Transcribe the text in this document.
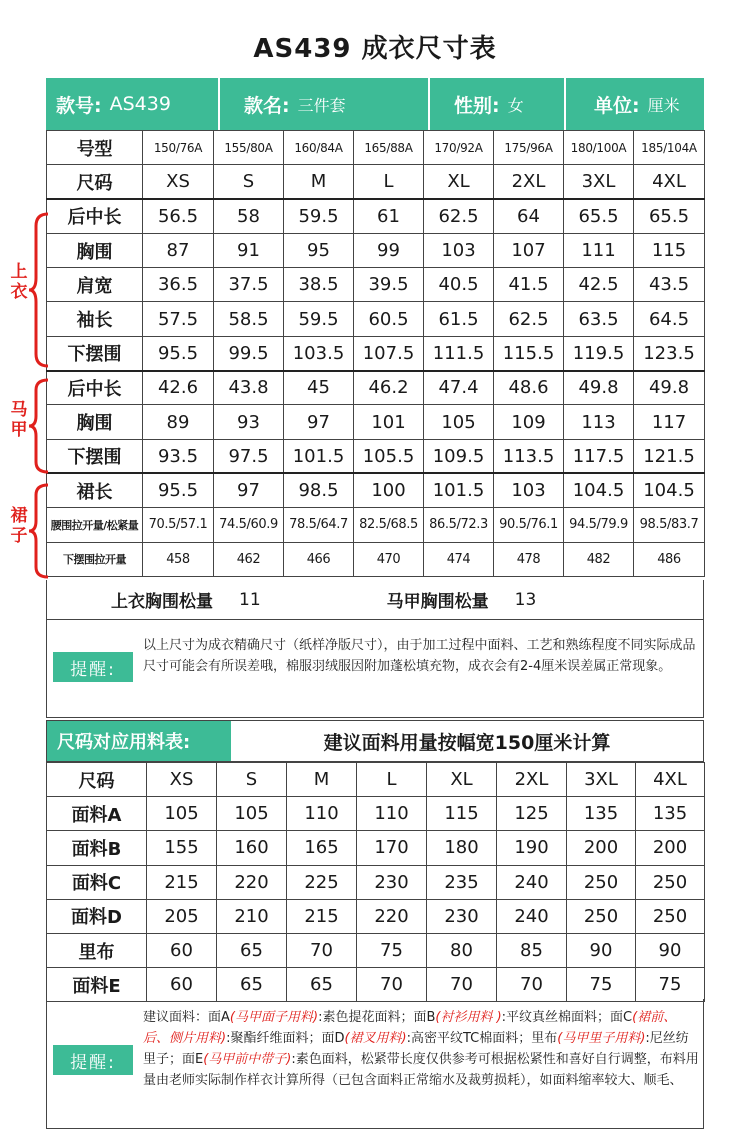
AS439 成衣尺寸表
款号: AS439	款名: 三件套	性别: 女	单位: 厘米
号型	150/76A	155/80A	160/84A	165/88A	170/92A	175/96A	180/100A	185/104A
尺码	XS	S	M	L	XL	2XL	3XL	4XL
后中长	56.5	58	59.5	61	62.5	64	65.5	65.5
胸围	87	91	95	99	103	107	111	115
肩宽	36.5	37.5	38.5	39.5	40.5	41.5	42.5	43.5
袖长	57.5	58.5	59.5	60.5	61.5	62.5	63.5	64.5
下摆围	95.5	99.5	103.5	107.5	111.5	115.5	119.5	123.5
后中长	42.6	43.8	45	46.2	47.4	48.6	49.8	49.8
胸围	89	93	97	101	105	109	113	117
下摆围	93.5	97.5	101.5	105.5	109.5	113.5	117.5	121.5
裙长	95.5	97	98.5	100	101.5	103	104.5	104.5
腰围拉开量/松紧量	70.5/57.1	74.5/60.9	78.5/64.7	82.5/68.5	86.5/72.3	90.5/76.1	94.5/79.9	98.5/83.7
下摆围拉开量	458	462	466	470	474	478	482	486
上衣
马甲
裙子
上衣胸围松量 11	马甲胸围松量 13
提醒:
以上尺寸为成衣精确尺寸（纸样净版尺寸），由于加工过程中面料、工艺和熟练程度不同实际成品尺寸可能会有所误差哦，棉服羽绒服因附加蓬松填充物，成衣会有2-4厘米误差属正常现象。
尺码对应用料表:	建议面料用量按幅宽150厘米计算
尺码	XS	S	M	L	XL	2XL	3XL	4XL
面料A	105	105	110	110	115	125	135	135
面料B	155	160	165	170	180	190	200	200
面料C	215	220	225	230	235	240	250	250
面料D	205	210	215	220	230	240	250	250
里布	60	65	70	75	80	85	90	90
面料E	60	65	65	70	70	70	75	75
提醒:
建议面料：面A(马甲面子用料):素色提花面料；面B(衬衫用料 ):平纹真丝棉面料；面C(裙前、后、侧片用料):聚酯纤维面料；面D(裙叉用料):高密平纹TC棉面料；里布(马甲里子用料):尼丝纺里子；面E(马甲前中带子):素色面料，松紧带长度仅供参考可根据松紧性和喜好自行调整，布料用量由老师实际制作样衣计算所得（已包含面料正常缩水及裁剪损耗），如面料缩率较大、顺毛、
